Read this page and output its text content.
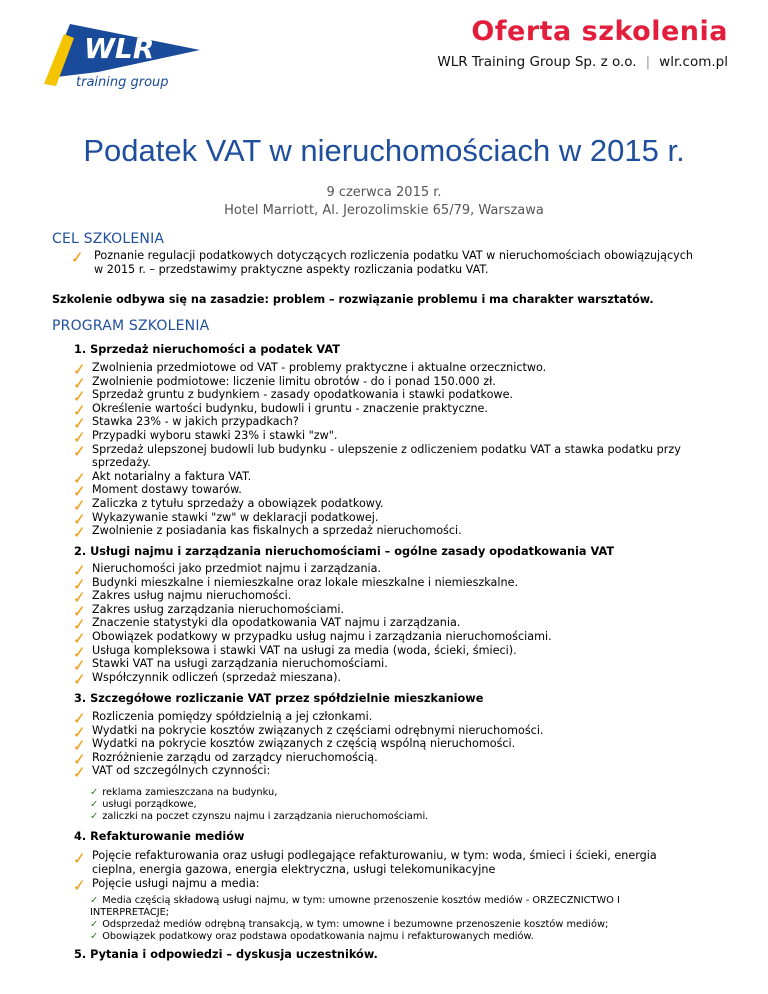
WLR
training group
Oferta szkolenia
WLR Training Group Sp. z o.o. | wlr.com.pl
Podatek VAT w nieruchomościach w 2015 r.
9 czerwca 2015 r.
Hotel Marriott, Al. Jerozolimskie 65/79, Warszawa
CEL SZKOLENIA
Poznanie regulacji podatkowych dotyczących rozliczenia podatku VAT w nieruchomościach obowiązujących
w 2015 r. – przedstawimy praktyczne aspekty rozliczania podatku VAT.
Szkolenie odbywa się na zasadzie: problem – rozwiązanie problemu i ma charakter warsztatów.
PROGRAM SZKOLENIA
1. Sprzedaż nieruchomości a podatek VAT
Zwolnienia przedmiotowe od VAT - problemy praktyczne i aktualne orzecznictwo.
Zwolnienie podmiotowe: liczenie limitu obrotów - do i ponad 150.000 zł.
Sprzedaż gruntu z budynkiem - zasady opodatkowania i stawki podatkowe.
Określenie wartości budynku, budowli i gruntu - znaczenie praktyczne.
Stawka 23% - w jakich przypadkach?
Przypadki wyboru stawki 23% i stawki "zw".
Sprzedaż ulepszonej budowli lub budynku - ulepszenie z odliczeniem podatku VAT a stawka podatku przy
sprzedaży.
Akt notarialny a faktura VAT.
Moment dostawy towarów.
Zaliczka z tytułu sprzedaży a obowiązek podatkowy.
Wykazywanie stawki "zw" w deklaracji podatkowej.
Zwolnienie z posiadania kas fiskalnych a sprzedaż nieruchomości.
2. Usługi najmu i zarządzania nieruchomościami – ogólne zasady opodatkowania VAT
Nieruchomości jako przedmiot najmu i zarządzania.
Budynki mieszkalne i niemieszkalne oraz lokale mieszkalne i niemieszkalne.
Zakres usług najmu nieruchomości.
Zakres usług zarządzania nieruchomościami.
Znaczenie statystyki dla opodatkowania VAT najmu i zarządzania.
Obowiązek podatkowy w przypadku usług najmu i zarządzania nieruchomościami.
Usługa kompleksowa i stawki VAT na usługi za media (woda, ścieki, śmieci).
Stawki VAT na usługi zarządzania nieruchomościami.
Współczynnik odliczeń (sprzedaż mieszana).
3. Szczegółowe rozliczanie VAT przez spółdzielnie mieszkaniowe
Rozliczenia pomiędzy spółdzielnią a jej członkami.
Wydatki na pokrycie kosztów związanych z częściami odrębnymi nieruchomości.
Wydatki na pokrycie kosztów związanych z częścią wspólną nieruchomości.
Rozróżnienie zarządu od zarządcy nieruchomością.
VAT od szczególnych czynności:
✓ reklama zamieszczana na budynku,
✓ usługi porządkowe,
✓ zaliczki na poczet czynszu najmu i zarządzania nieruchomościami.
4. Refakturowanie mediów
Pojęcie refakturowania oraz usługi podlegające refakturowaniu, w tym: woda, śmieci i ścieki, energia
cieplna, energia gazowa, energia elektryczna, usługi telekomunikacyjne
Pojęcie usługi najmu a media:
✓ Media częścią składową usługi najmu, w tym: umowne przenoszenie kosztów mediów - ORZECZNICTWO I
INTERPRETACJE;
✓ Odsprzedaż mediów odrębną transakcją, w tym: umowne i bezumowne przenoszenie kosztów mediów;
✓ Obowiązek podatkowy oraz podstawa opodatkowania najmu i refakturowanych mediów.
5. Pytania i odpowiedzi – dyskusja uczestników.
